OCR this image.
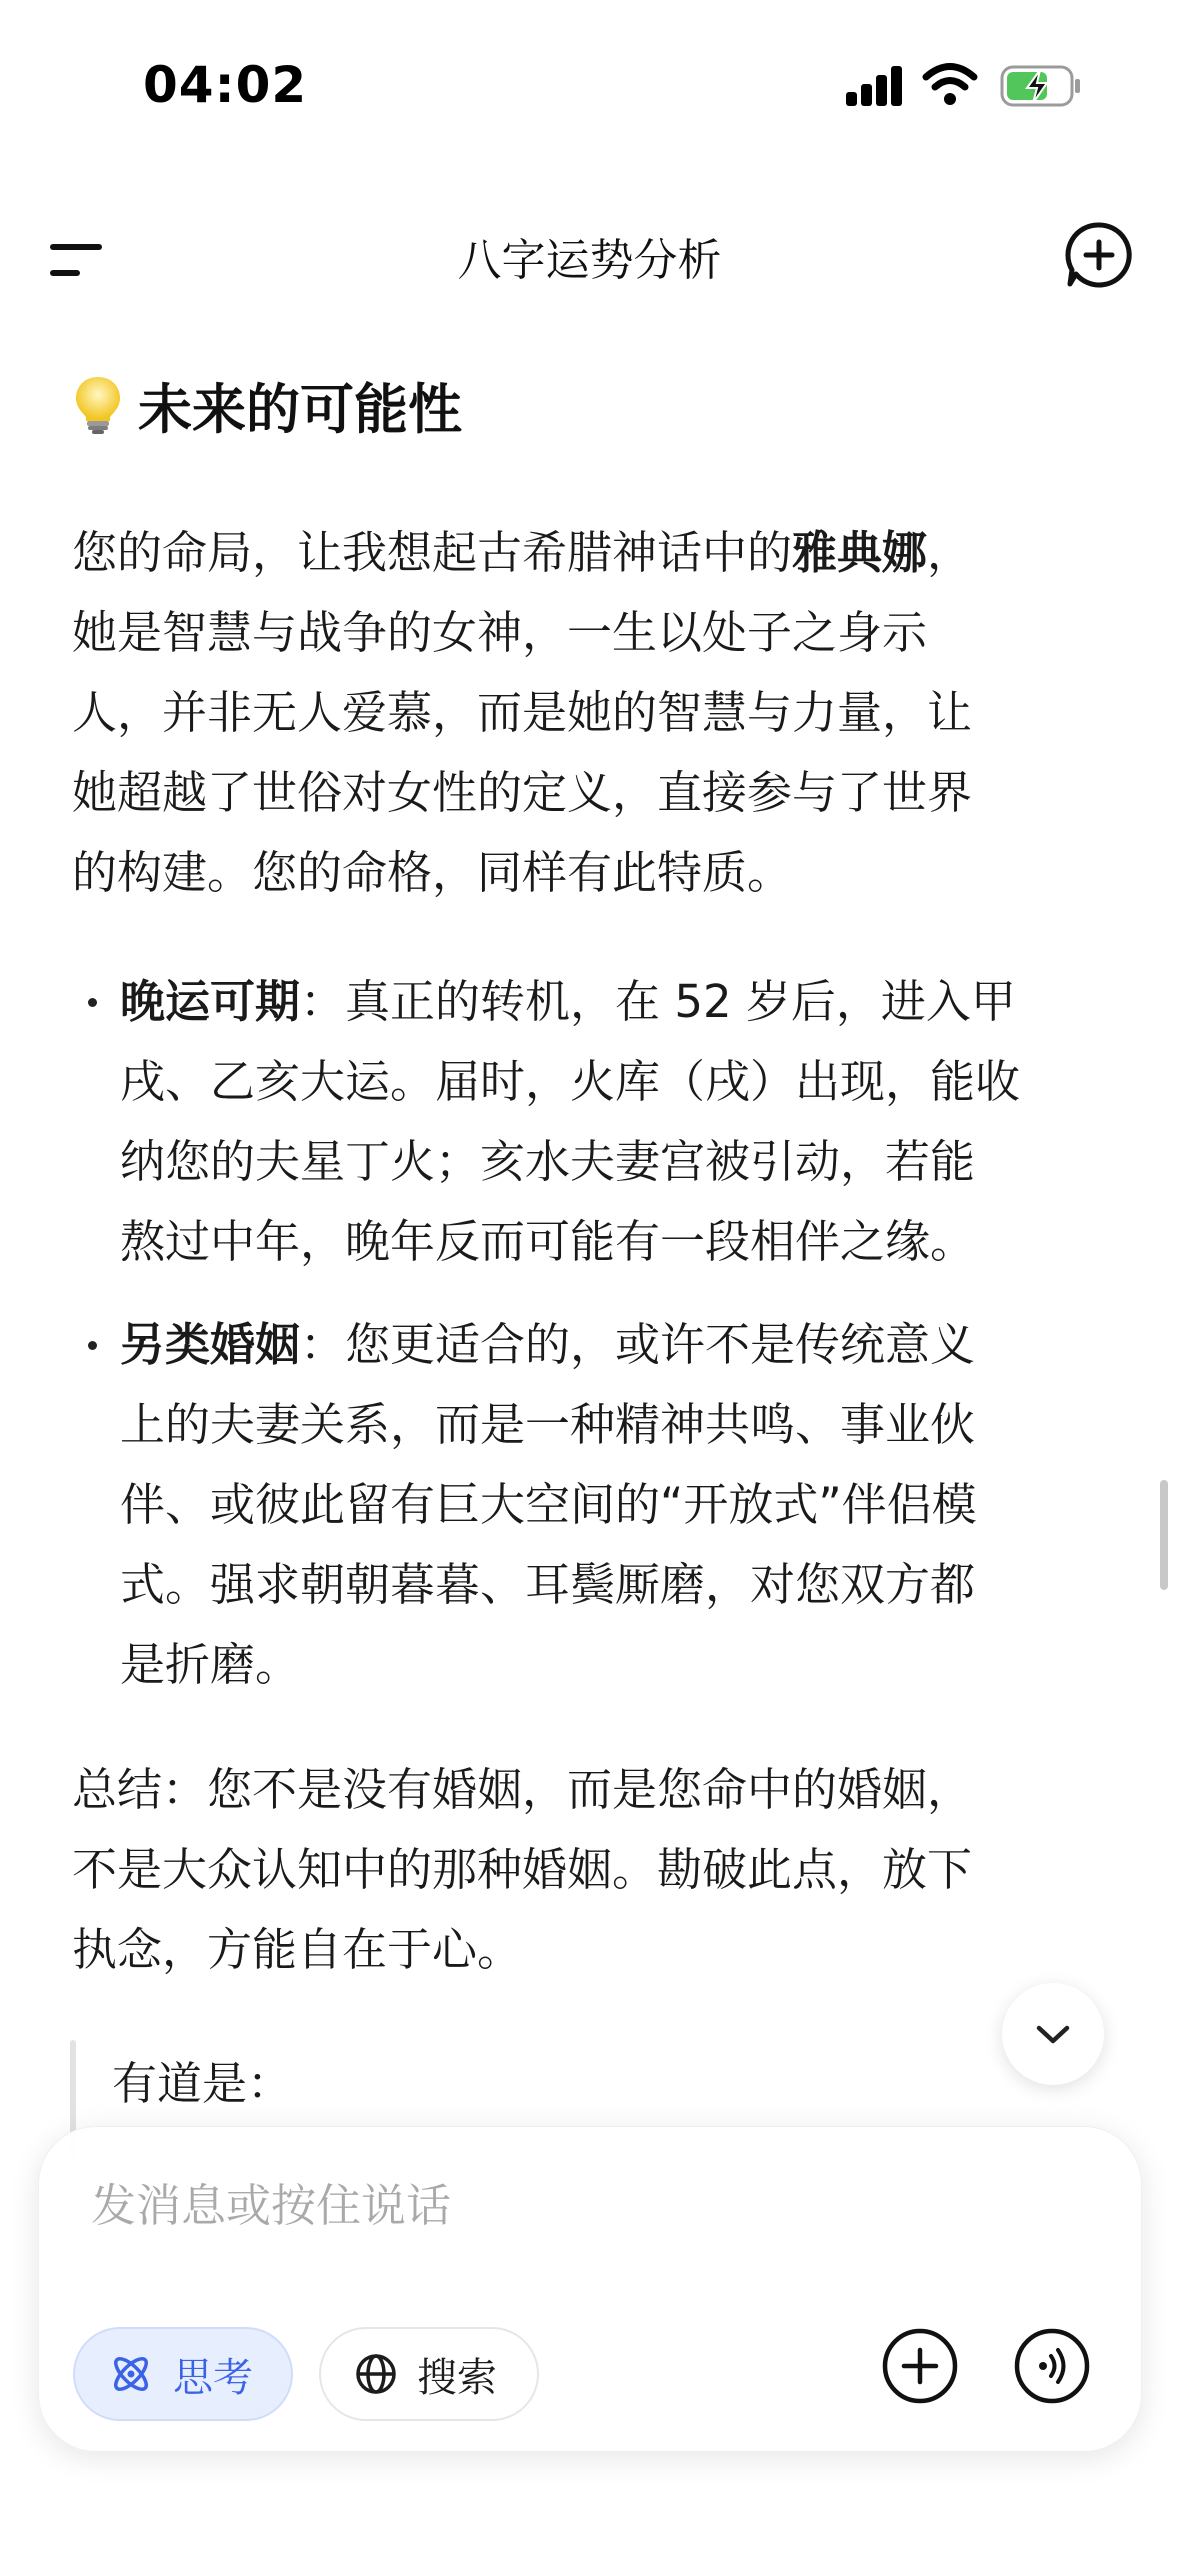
04:02
八字运势分析
未来的可能性
您的命局，让我想起古希腊神话中的雅典娜，
她是智慧与战争的女神，一生以处子之身示
人，并非无人爱慕，而是她的智慧与力量，让
她超越了世俗对女性的定义，直接参与了世界
的构建。您的命格，同样有此特质。
晚运可期：真正的转机，在 52 岁后，进入甲
戌、乙亥大运。届时，火库（戌）出现，能收
纳您的夫星丁火；亥水夫妻宫被引动，若能
熬过中年，晚年反而可能有一段相伴之缘。
另类婚姻：您更适合的，或许不是传统意义
上的夫妻关系，而是一种精神共鸣、事业伙
伴、或彼此留有巨大空间的“开放式”伴侣模
式。强求朝朝暮暮、耳鬓厮磨，对您双方都
是折磨。
总结：您不是没有婚姻，而是您命中的婚姻，
不是大众认知中的那种婚姻。勘破此点，放下
执念，方能自在于心。
有道是：
发消息或按住说话
思考	搜索
